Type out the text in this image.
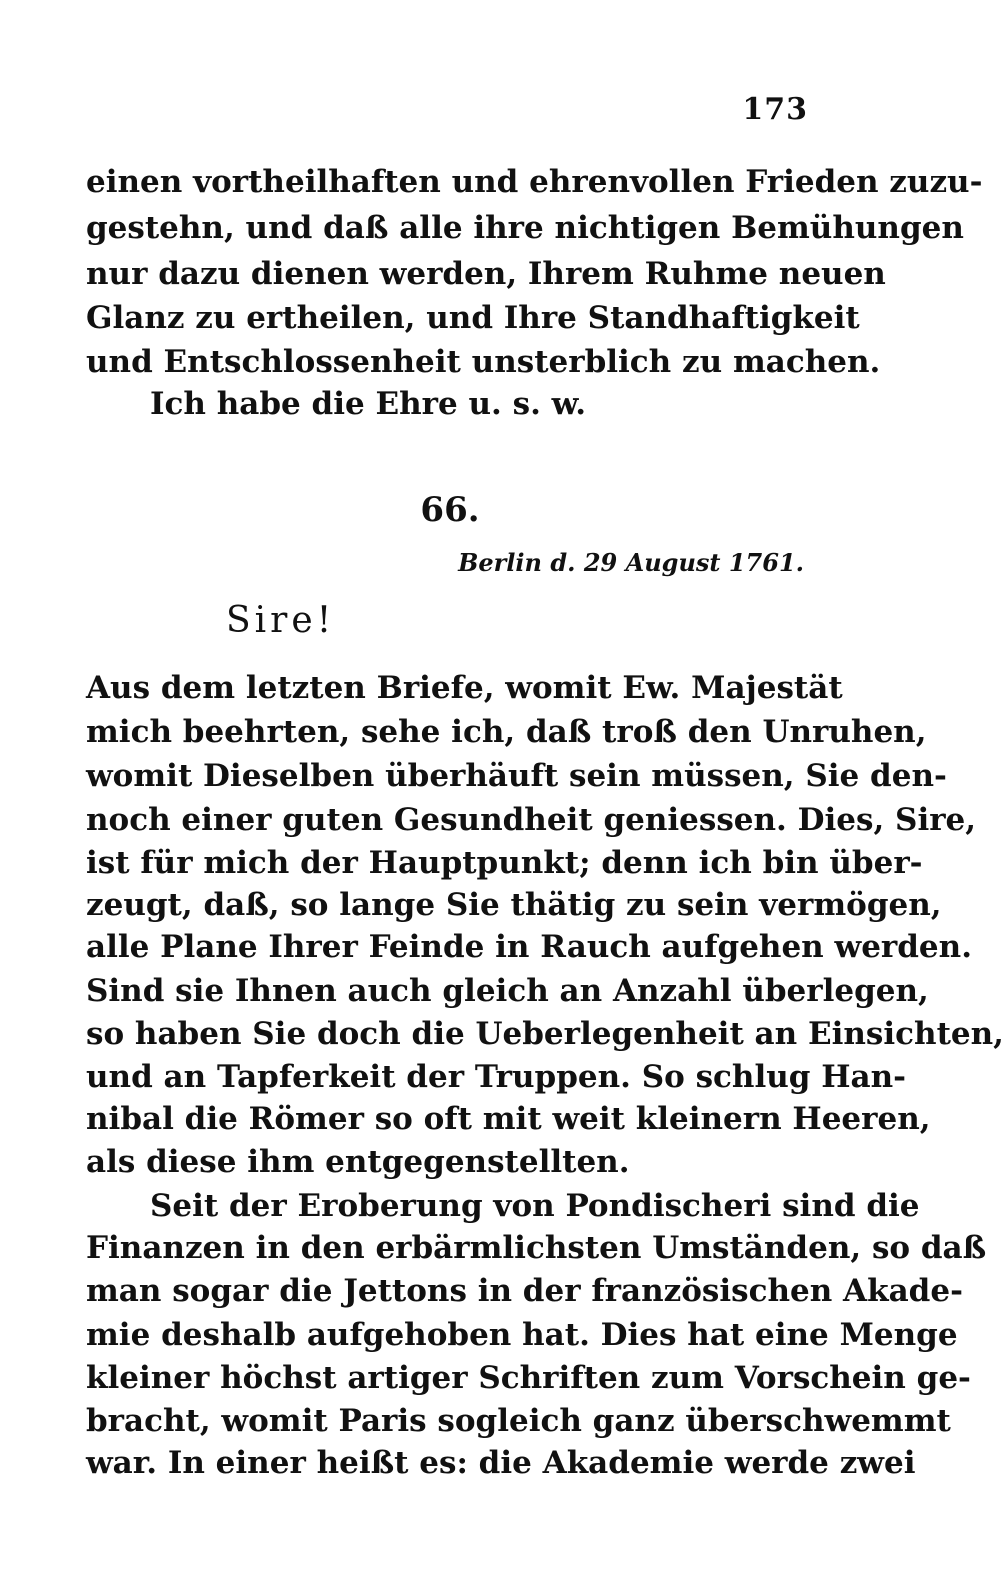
173
einen vortheilhaften und ehrenvollen Frieden zuzu-
gestehn, und daß alle ihre nichtigen Bemühungen
nur dazu dienen werden, Ihrem Ruhme neuen
Glanz zu ertheilen, und Ihre Standhaftigkeit
und Entschlossenheit unsterblich zu machen.
Ich habe die Ehre u. s. w.
66.
Berlin d. 29 August 1761.
Sire!
Aus dem letzten Briefe, womit Ew. Majestät
mich beehrten, sehe ich, daß troß den Unruhen,
womit Dieselben überhäuft sein müssen, Sie den-
noch einer guten Gesundheit geniessen. Dies, Sire,
ist für mich der Hauptpunkt; denn ich bin über-
zeugt, daß, so lange Sie thätig zu sein vermögen,
alle Plane Ihrer Feinde in Rauch aufgehen werden.
Sind sie Ihnen auch gleich an Anzahl überlegen,
so haben Sie doch die Ueberlegenheit an Einsichten,
und an Tapferkeit der Truppen. So schlug Han-
nibal die Römer so oft mit weit kleinern Heeren,
als diese ihm entgegenstellten.
Seit der Eroberung von Pondischeri sind die
Finanzen in den erbärmlichsten Umständen, so daß
man sogar die Jettons in der französischen Akade-
mie deshalb aufgehoben hat. Dies hat eine Menge
kleiner höchst artiger Schriften zum Vorschein ge-
bracht, womit Paris sogleich ganz überschwemmt
war. In einer heißt es: die Akademie werde zwei
